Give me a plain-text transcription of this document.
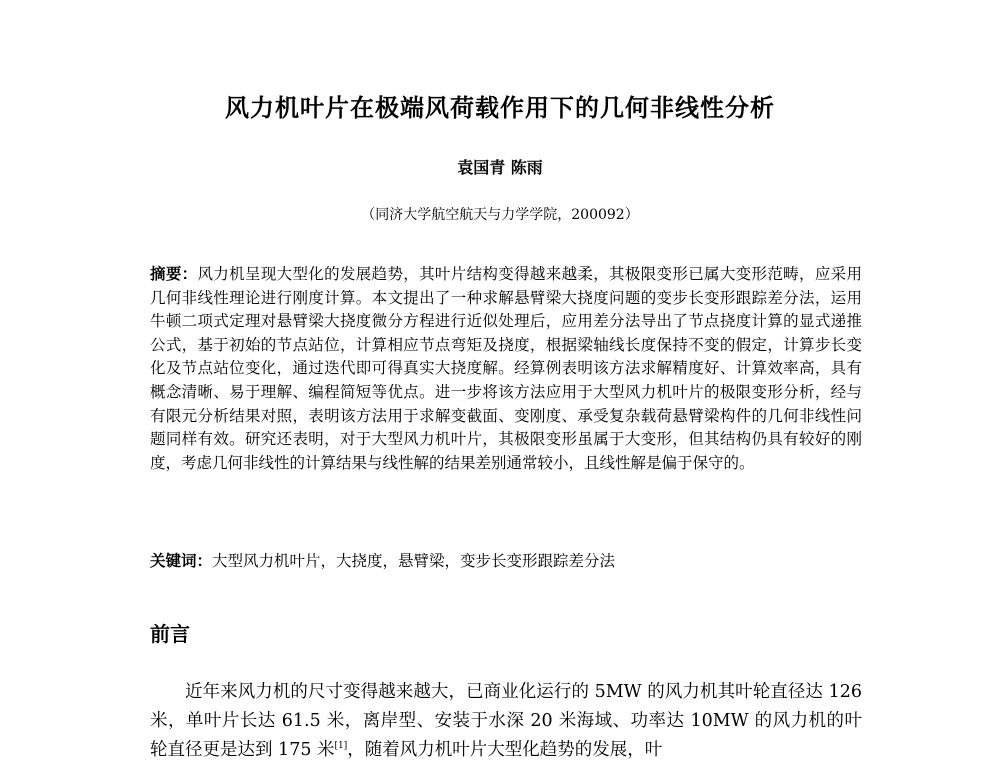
风力机叶片在极端风荷载作用下的几何非线性分析
袁国青 陈雨
（同济大学航空航天与力学学院，200092）
摘要：风力机呈现大型化的发展趋势，其叶片结构变得越来越柔，其极限变形已属大变形范畴，应采用几何非线性理论进行刚度计算。本文提出了一种求解悬臂梁大挠度问题的变步长变形跟踪差分法，运用牛顿二项式定理对悬臂梁大挠度微分方程进行近似处理后，应用差分法导出了节点挠度计算的显式递推公式，基于初始的节点站位，计算相应节点弯矩及挠度，根据梁轴线长度保持不变的假定，计算步长变化及节点站位变化，通过迭代即可得真实大挠度解。经算例表明该方法求解精度好、计算效率高，具有概念清晰、易于理解、编程简短等优点。进一步将该方法应用于大型风力机叶片的极限变形分析，经与有限元分析结果对照，表明该方法用于求解变截面、变刚度、承受复杂载荷悬臂梁构件的几何非线性问题同样有效。研究还表明，对于大型风力机叶片，其极限变形虽属于大变形，但其结构仍具有较好的刚度，考虑几何非线性的计算结果与线性解的结果差别通常较小，且线性解是偏于保守的。
关键词：大型风力机叶片，大挠度，悬臂梁，变步长变形跟踪差分法
前言
近年来风力机的尺寸变得越来越大，已商业化运行的 5MW 的风力机其叶轮直径达 126 米，单叶片长达 61.5 米，离岸型、安装于水深 20 米海域、功率达 10MW 的风力机的叶轮直径更是达到 175 米[1]，随着风力机叶片大型化趋势的发展，叶
